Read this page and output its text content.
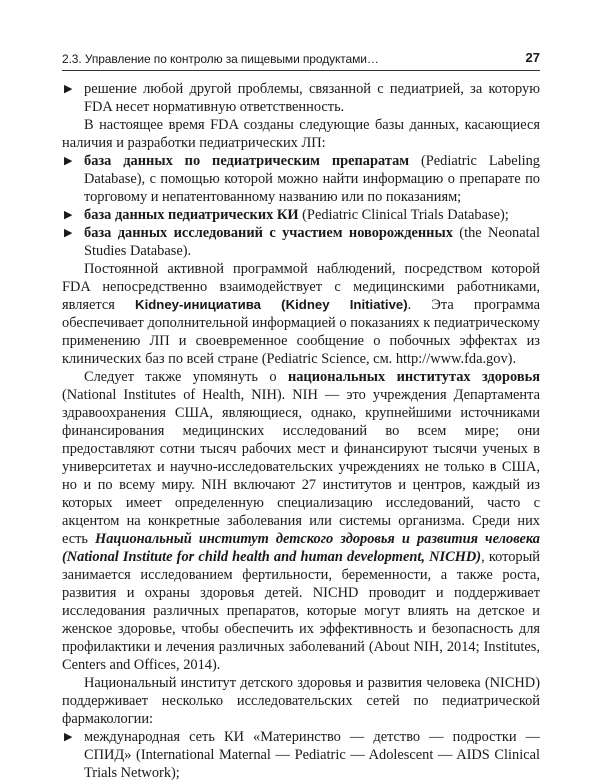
2.3. Управление по контролю за пищевыми продуктами…	27
▶ решение любой другой проблемы, связанной с педиатрией, за которую FDA несет нормативную ответственность.

В настоящее время FDA созданы следующие базы данных, касающиеся наличия и разработки педиатрических ЛП:

▶ база данных по педиатрическим препаратам (Pediatric Labeling Database), с помощью которой можно найти информацию о препарате по торговому и непатентованному названию или по показаниям;
▶ база данных педиатрических КИ (Pediatric Clinical Trials Database);
▶ база данных исследований с участием новорожденных (the Neonatal Studies Database).

Постоянной активной программой наблюдений, посредством которой FDA непосредственно взаимодействует с медицинскими работниками, является Kidney-инициатива (Kidney Initiative). Эта программа обеспечивает дополнительной информацией о показаниях к педиатрическому применению ЛП и своевременное сообщение о побочных эффектах из клинических баз по всей стране (Pediatric Science, см. http://www.fda.gov).

Следует также упомянуть о национальных институтах здоровья (National Institutes of Health, NIH). NIH — это учреждения Департамента здравоохранения США, являющиеся, однако, крупнейшими источниками финансирования медицинских исследований во всем мире; они предоставляют сотни тысяч рабочих мест и финансируют тысячи ученых в университетах и научно-исследовательских учреждениях не только в США, но и по всему миру. NIH включают 27 институтов и центров, каждый из которых имеет определенную специализацию исследований, часто с акцентом на конкретные заболевания или системы организма. Среди них есть Национальный институт детского здоровья и развития человека (National Institute for child health and human development, NICHD), который занимается исследованием фертильности, беременности, а также роста, развития и охраны здоровья детей. NICHD проводит и поддерживает исследования различных препаратов, которые могут влиять на детское и женское здоровье, чтобы обеспечить их эффективность и безопасность для профилактики и лечения различных заболеваний (About NIH, 2014; Institutes, Centers and Offices, 2014).

Национальный институт детского здоровья и развития человека (NICHD) поддерживает несколько исследовательских сетей по педиатрической фармакологии:

▶ международная сеть КИ «Материнство — детство — подростки — СПИД» (International Maternal — Pediatric — Adolescent — AIDS Clinical Trials Network);
